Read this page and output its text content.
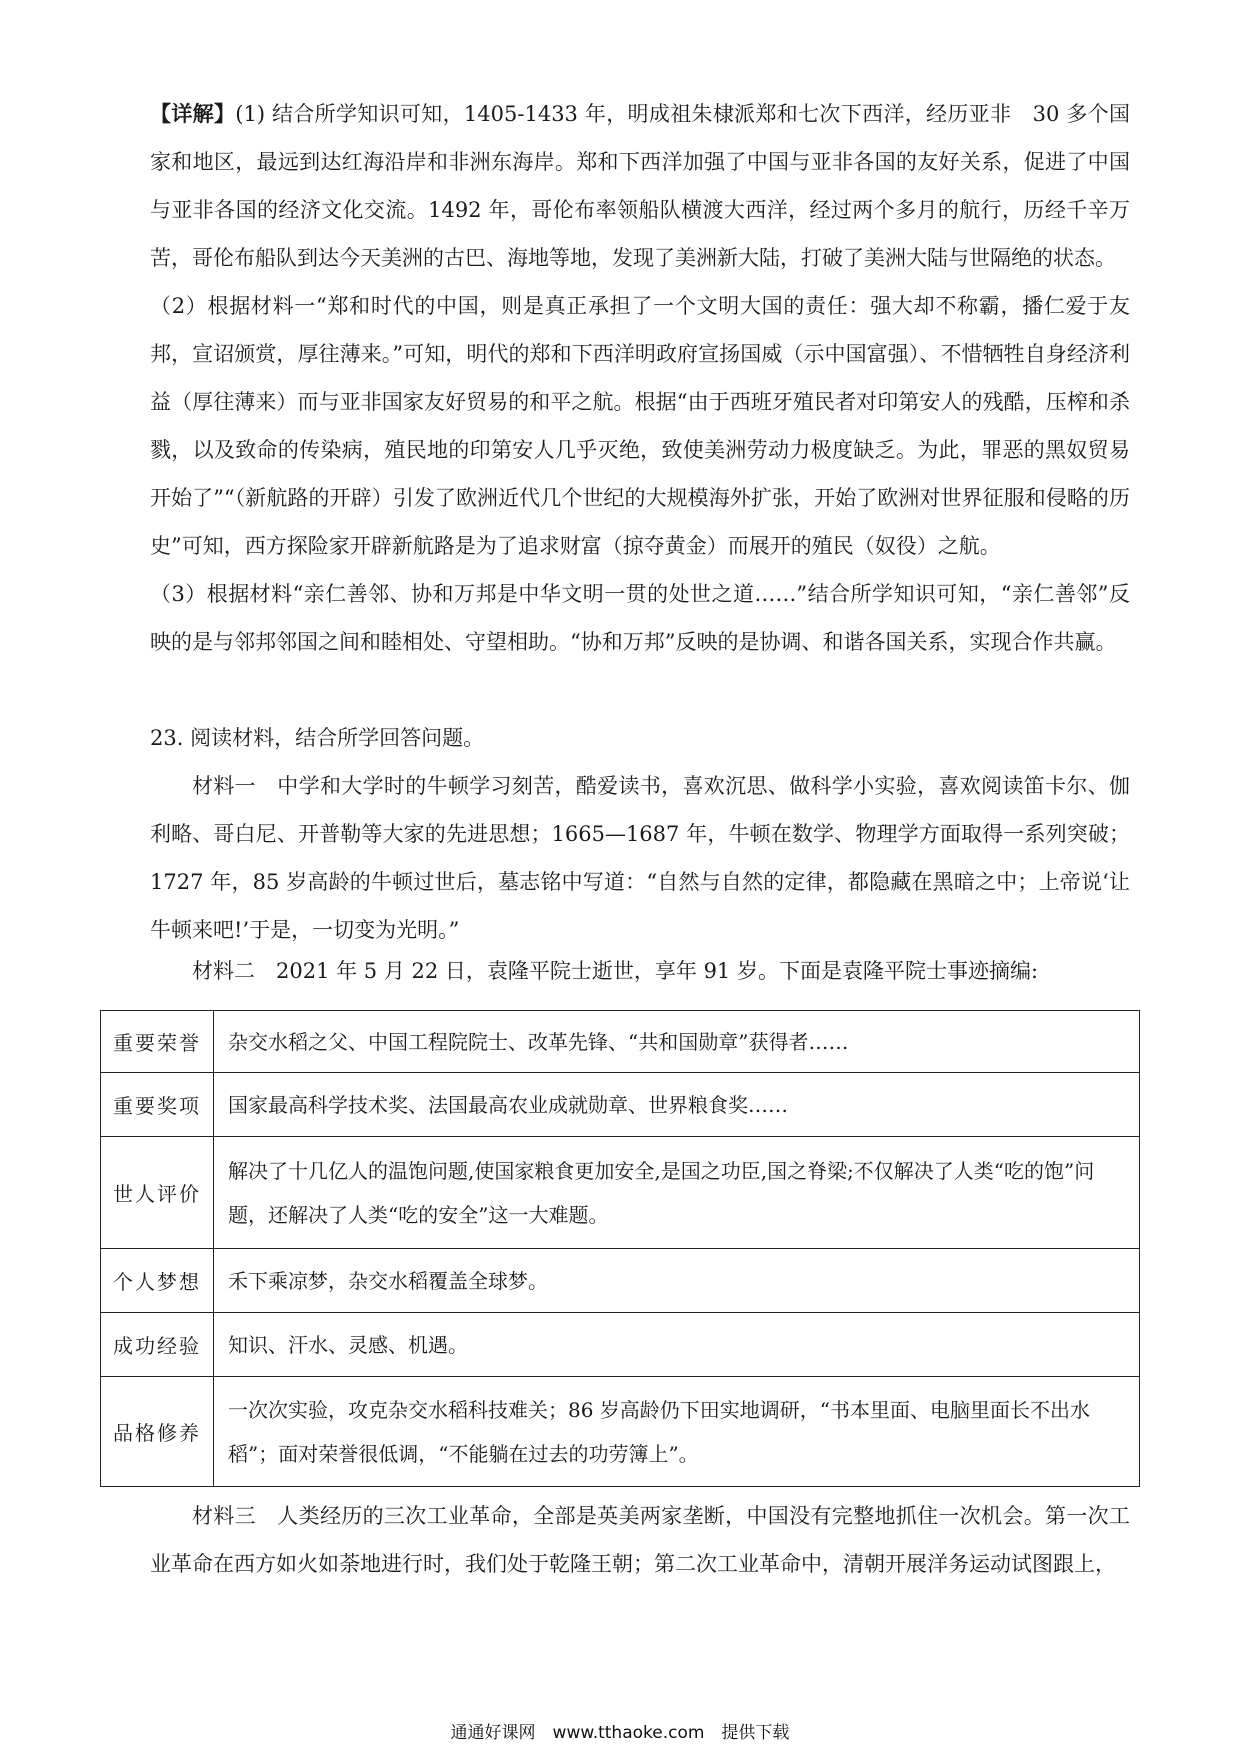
【详解】(1) 结合所学知识可知，1405-1433 年，明成祖朱棣派郑和七次下西洋，经历亚非　30 多个国家和地区，最远到达红海沿岸和非洲东海岸。郑和下西洋加强了中国与亚非各国的友好关系，促进了中国与亚非各国的经济文化交流。1492 年，哥伦布率领船队横渡大西洋，经过两个多月的航行，历经千辛万苦，哥伦布船队到达今天美洲的古巴、海地等地，发现了美洲新大陆，打破了美洲大陆与世隔绝的状态。

（2）根据材料一“郑和时代的中国，则是真正承担了一个文明大国的责任：强大却不称霸，播仁爱于友邦，宣诏颁赏，厚往薄来。”可知，明代的郑和下西洋明政府宣扬国威（示中国富强）、不惜牺牲自身经济利益（厚往薄来）而与亚非国家友好贸易的和平之航。根据“由于西班牙殖民者对印第安人的残酷，压榨和杀戮，以及致命的传染病，殖民地的印第安人几乎灭绝，致使美洲劳动力极度缺乏。为此，罪恶的黑奴贸易开始了”“（新航路的开辟）引发了欧洲近代几个世纪的大规模海外扩张，开始了欧洲对世界征服和侵略的历史”可知，西方探险家开辟新航路是为了追求财富（掠夺黄金）而展开的殖民（奴役）之航。

（3）根据材料“亲仁善邻、协和万邦是中华文明一贯的处世之道……”结合所学知识可知，“亲仁善邻”反映的是与邻邦邻国之间和睦相处、守望相助。“协和万邦”反映的是协调、和谐各国关系，实现合作共赢。

23. 阅读材料，结合所学回答问题。

材料一　中学和大学时的牛顿学习刻苦，酷爱读书，喜欢沉思、做科学小实验，喜欢阅读笛卡尔、伽利略、哥白尼、开普勒等大家的先进思想；1665—1687 年，牛顿在数学、物理学方面取得一系列突破；1727 年，85 岁高龄的牛顿过世后，墓志铭中写道：“自然与自然的定律，都隐藏在黑暗之中；上帝说‘让牛顿来吧!’于是，一切变为光明。”

材料二　2021 年 5 月 22 日，袁隆平院士逝世，享年 91 岁。下面是袁隆平院士事迹摘编:

重要荣誉	杂交水稻之父、中国工程院院士、改革先锋、“共和国勋章”获得者……
重要奖项	国家最高科学技术奖、法国最高农业成就勋章、世界粮食奖……
世人评价	解决了十几亿人的温饱问题,使国家粮食更加安全,是国之功臣,国之脊梁;不仅解决了人类“吃的饱”问题，还解决了人类“吃的安全”这一大难题。
个人梦想	禾下乘凉梦，杂交水稻覆盖全球梦。
成功经验	知识、汗水、灵感、机遇。
品格修养	一次次实验，攻克杂交水稻科技难关；86 岁高龄仍下田实地调研，“书本里面、电脑里面长不出水稻”；面对荣誉很低调，“不能躺在过去的功劳簿上”。

材料三　人类经历的三次工业革命，全部是英美两家垄断，中国没有完整地抓住一次机会。第一次工业革命在西方如火如荼地进行时，我们处于乾隆王朝；第二次工业革命中，清朝开展洋务运动试图跟上，

通通好课网　www.tthaoke.com　提供下载
